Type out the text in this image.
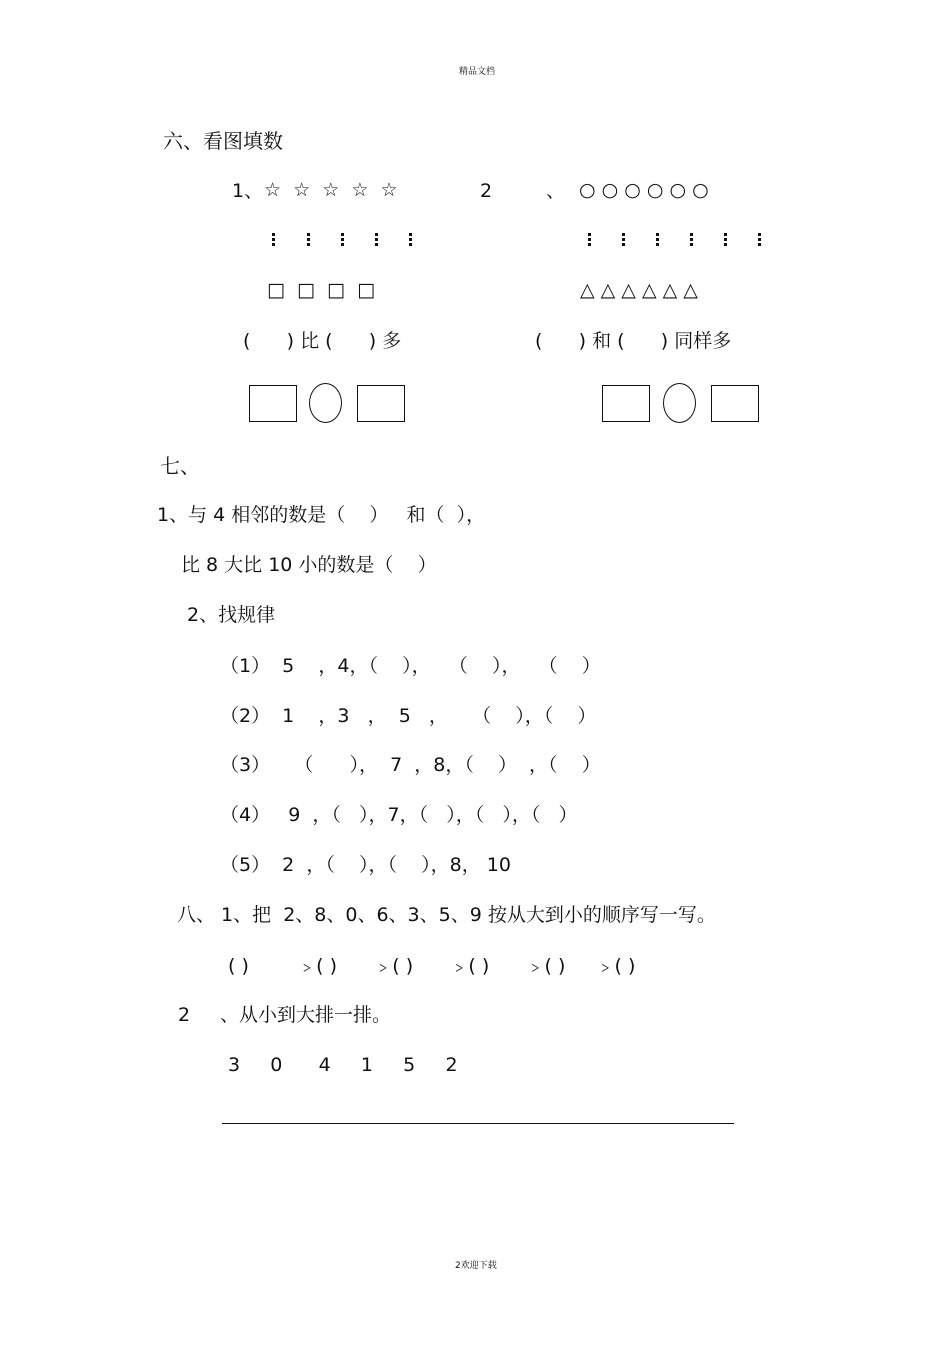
精品文档
六、看图填数
1、 ☆  ☆  ☆  ☆  ☆	2	、 ○ ○ ○ ○ ○ ○
□  □  □  □	△ △ △ △ △ △
(      ) 比 (      ) 多	(      ) 和 (      ) 同样多
七、
1、与 4 相邻的数是（    ）   和（  ），
比 8 大比 10 小的数是（    ）
2、找规律
（1）  5    ，4，（    ），   （    ），   （    ）
（2）  1    ，3   ，  5   ，    （    ），（    ）
（3）    （      ），  7  ，8，（    ）  ，（    ）
（4）   9  ，（   ），7，（   ），（   ），（   ）
（5）  2  ，（    ），（    ），8， 10
八、 1、把  2、8、0、6、3、5、9 按从大到小的顺序写一写。
( )        ﹥( )      ﹥( )      ﹥( )      ﹥( )     ﹥( )
2 、从小到大排一排。
3     0      4     1     5     2
2欢迎下载
